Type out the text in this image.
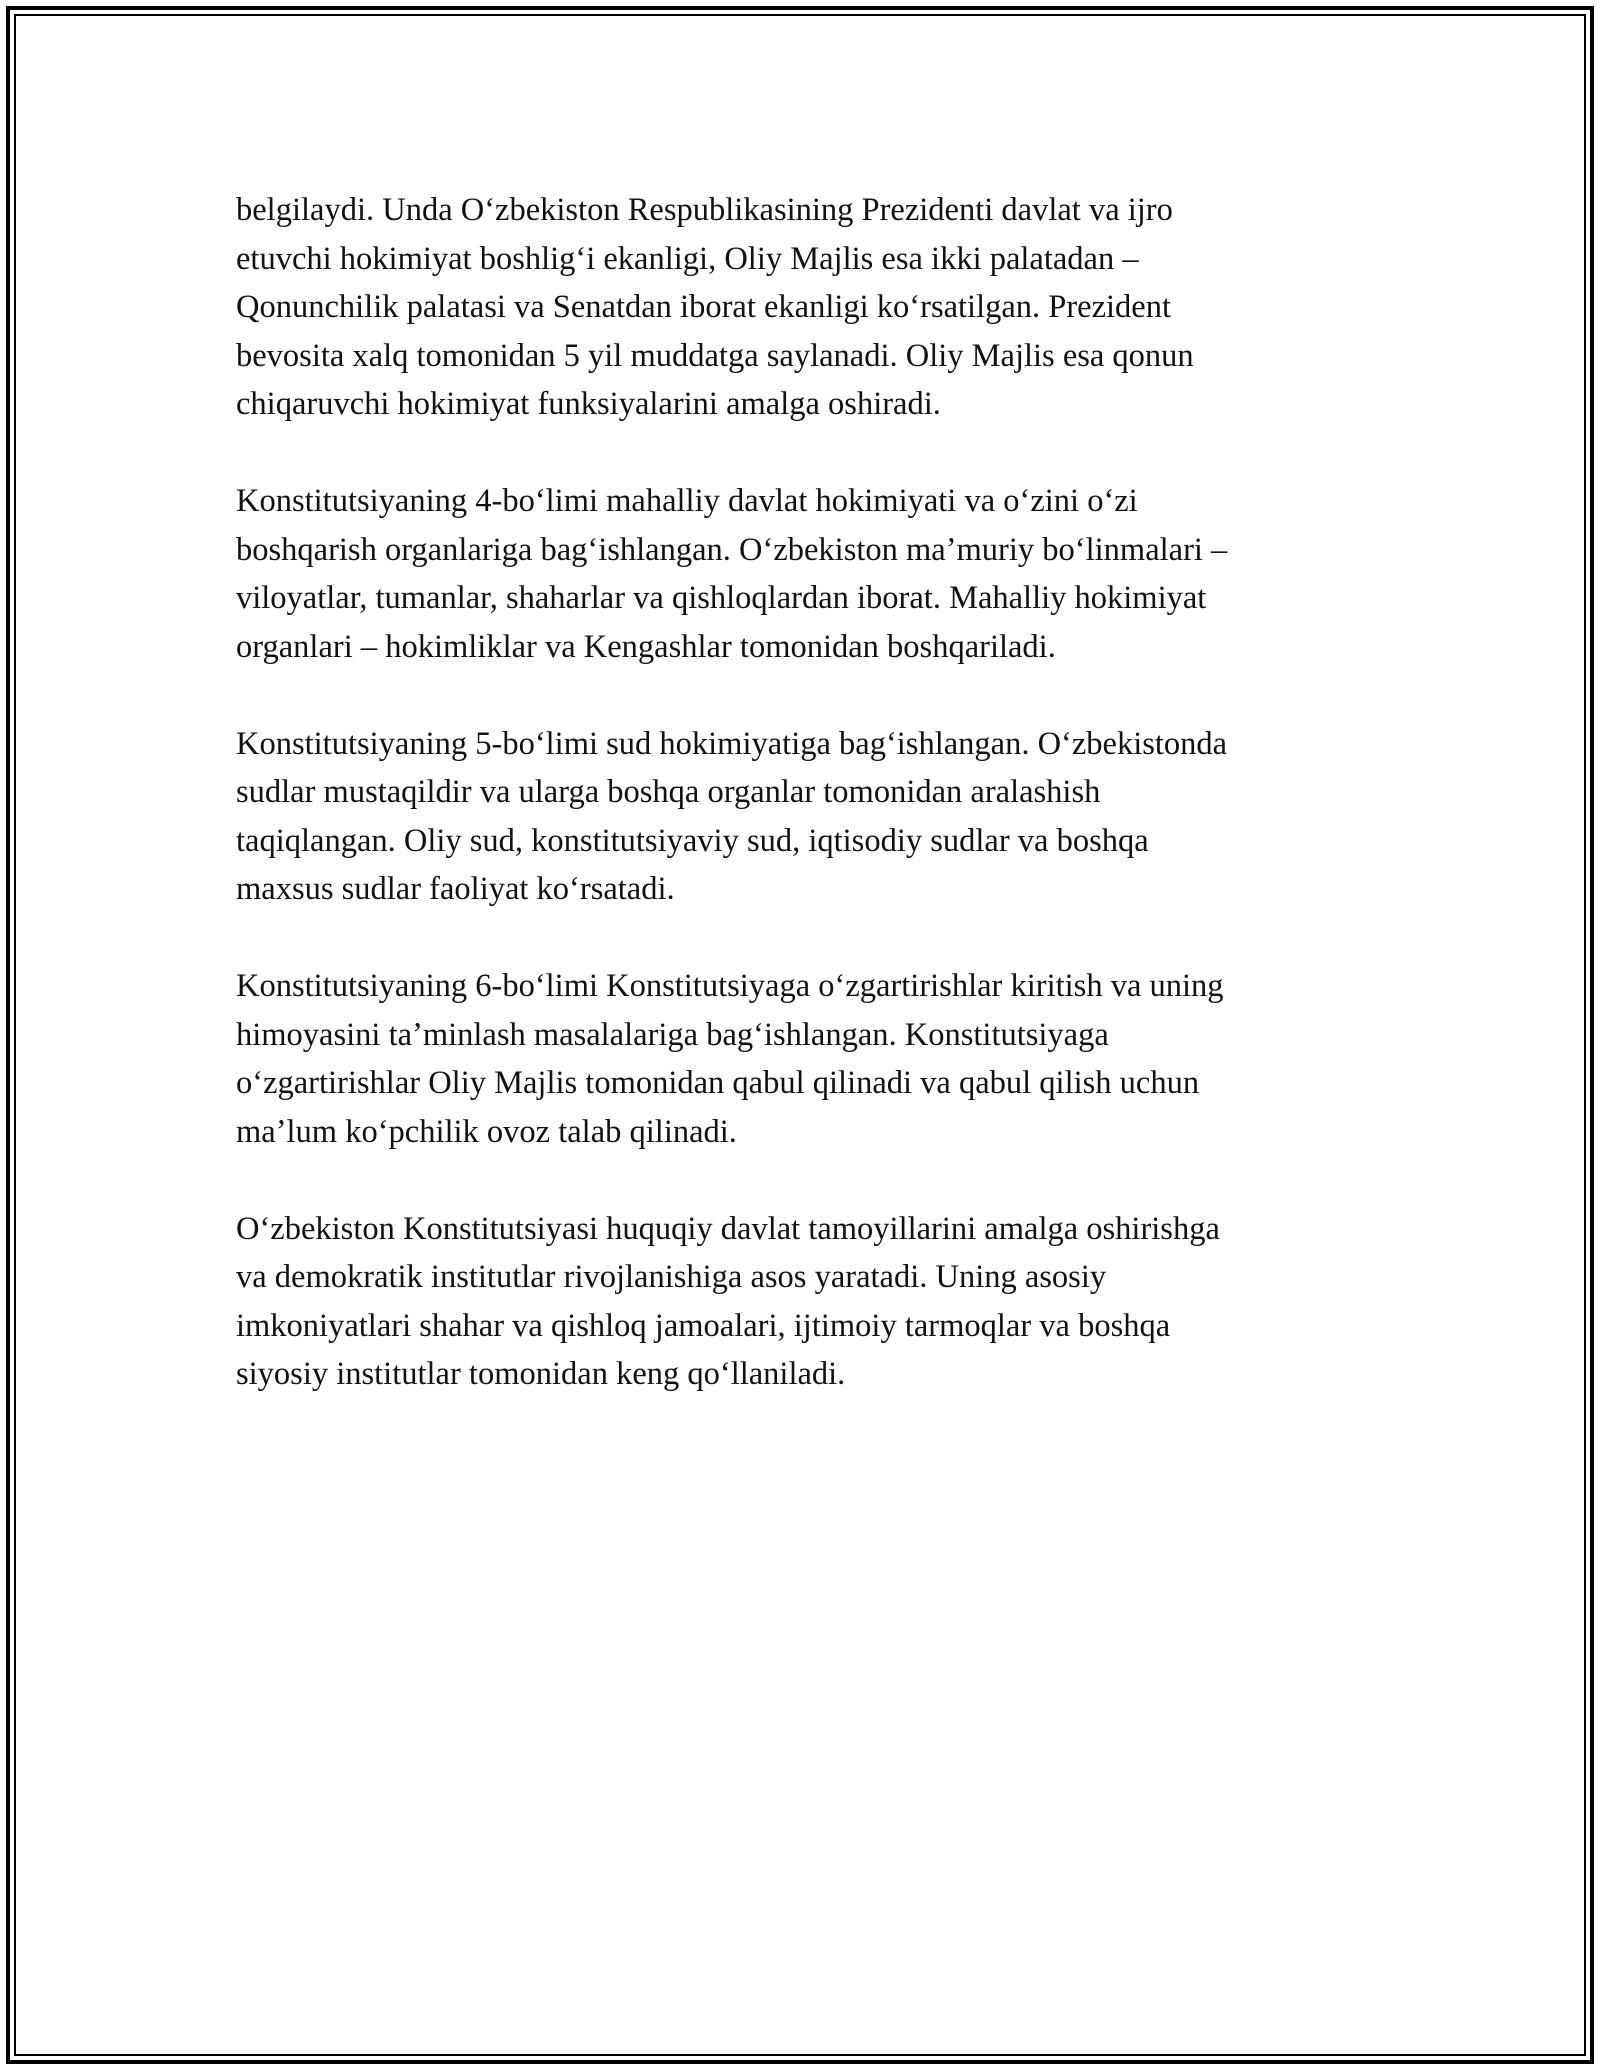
belgilaydi. Unda Oʻzbekiston Respublikasining Prezidenti davlat va ijro
etuvchi hokimiyat boshligʻi ekanligi, Oliy Majlis esa ikki palatadan –
Qonunchilik palatasi va Senatdan iborat ekanligi koʻrsatilgan. Prezident
bevosita xalq tomonidan 5 yil muddatga saylanadi. Oliy Majlis esa qonun
chiqaruvchi hokimiyat funksiyalarini amalga oshiradi.

Konstitutsiyaning 4-boʻlimi mahalliy davlat hokimiyati va oʻzini oʻzi
boshqarish organlariga bagʻishlangan. Oʻzbekiston maʼmuriy boʻlinmalari –
viloyatlar, tumanlar, shaharlar va qishloqlardan iborat. Mahalliy hokimiyat
organlari – hokimliklar va Kengashlar tomonidan boshqariladi.

Konstitutsiyaning 5-boʻlimi sud hokimiyatiga bagʻishlangan. Oʻzbekistonda
sudlar mustaqildir va ularga boshqa organlar tomonidan aralashish
taqiqlangan. Oliy sud, konstitutsiyaviy sud, iqtisodiy sudlar va boshqa
maxsus sudlar faoliyat koʻrsatadi.

Konstitutsiyaning 6-boʻlimi Konstitutsiyaga oʻzgartirishlar kiritish va uning
himoyasini taʼminlash masalalariga bagʻishlangan. Konstitutsiyaga
oʻzgartirishlar Oliy Majlis tomonidan qabul qilinadi va qabul qilish uchun
maʼlum koʻpchilik ovoz talab qilinadi.

Oʻzbekiston Konstitutsiyasi huquqiy davlat tamoyillarini amalga oshirishga
va demokratik institutlar rivojlanishiga asos yaratadi. Uning asosiy
imkoniyatlari shahar va qishloq jamoalari, ijtimoiy tarmoqlar va boshqa
siyosiy institutlar tomonidan keng qoʻllaniladi.
